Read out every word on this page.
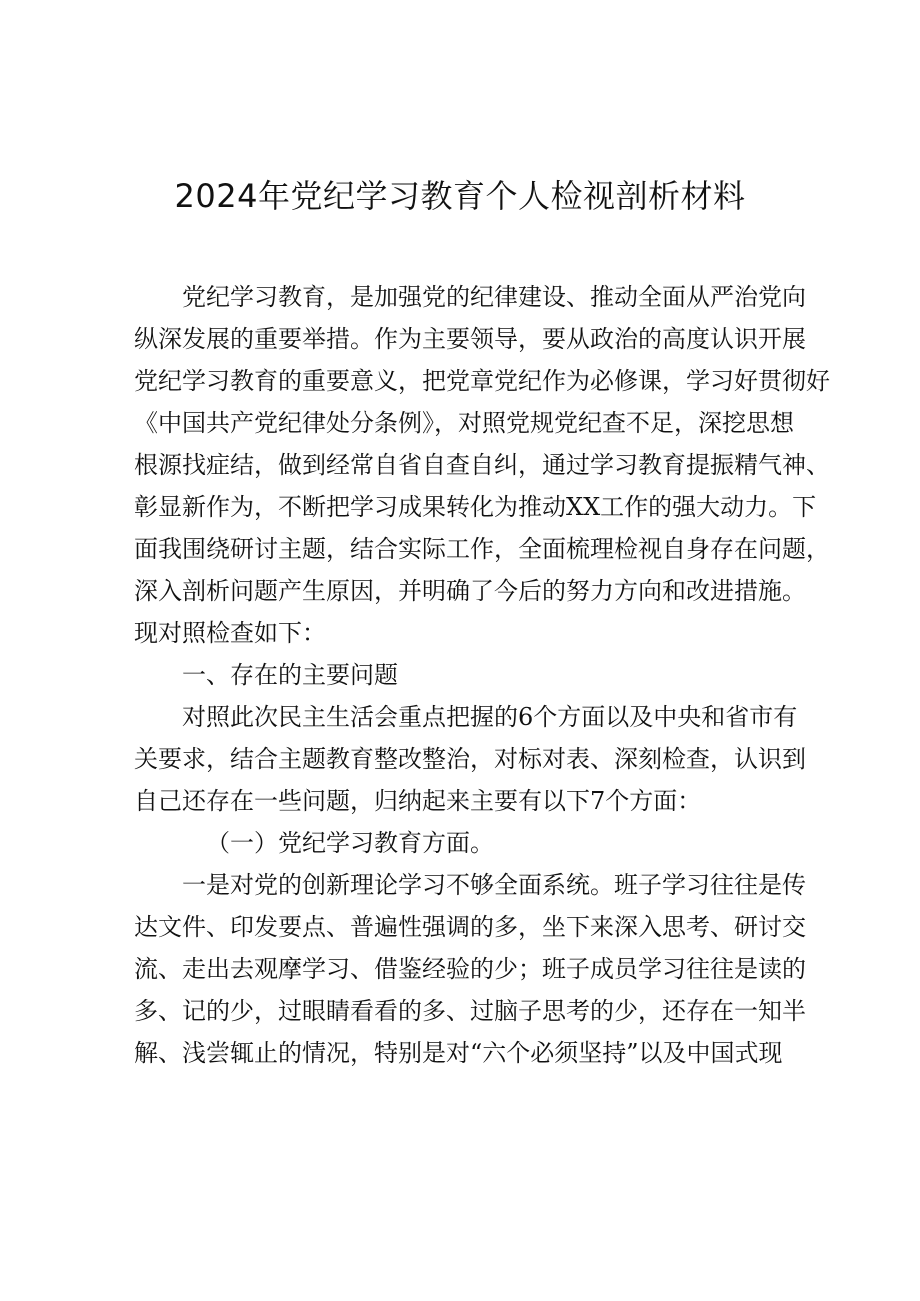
2024年党纪学习教育个人检视剖析材料
党纪学习教育，是加强党的纪律建设、推动全面从严治党向
纵深发展的重要举措。作为主要领导，要从政治的高度认识开展
党纪学习教育的重要意义，把党章党纪作为必修课，学习好贯彻好
《中国共产党纪律处分条例》，对照党规党纪查不足，深挖思想
根源找症结，做到经常自省自查自纠，通过学习教育提振精气神、
彰显新作为，不断把学习成果转化为推动XX工作的强大动力。下
面我围绕研讨主题，结合实际工作，全面梳理检视自身存在问题，
深入剖析问题产生原因，并明确了今后的努力方向和改进措施。
现对照检查如下：
一、存在的主要问题
对照此次民主生活会重点把握的6个方面以及中央和省市有
关要求，结合主题教育整改整治，对标对表、深刻检查，认识到
自己还存在一些问题，归纳起来主要有以下7个方面：
（一）党纪学习教育方面。
一是对党的创新理论学习不够全面系统。班子学习往往是传
达文件、印发要点、普遍性强调的多，坐下来深入思考、研讨交
流、走出去观摩学习、借鉴经验的少；班子成员学习往往是读的
多、记的少，过眼睛看看的多、过脑子思考的少，还存在一知半
解、浅尝辄止的情况，特别是对“六个必须坚持”以及中国式现
